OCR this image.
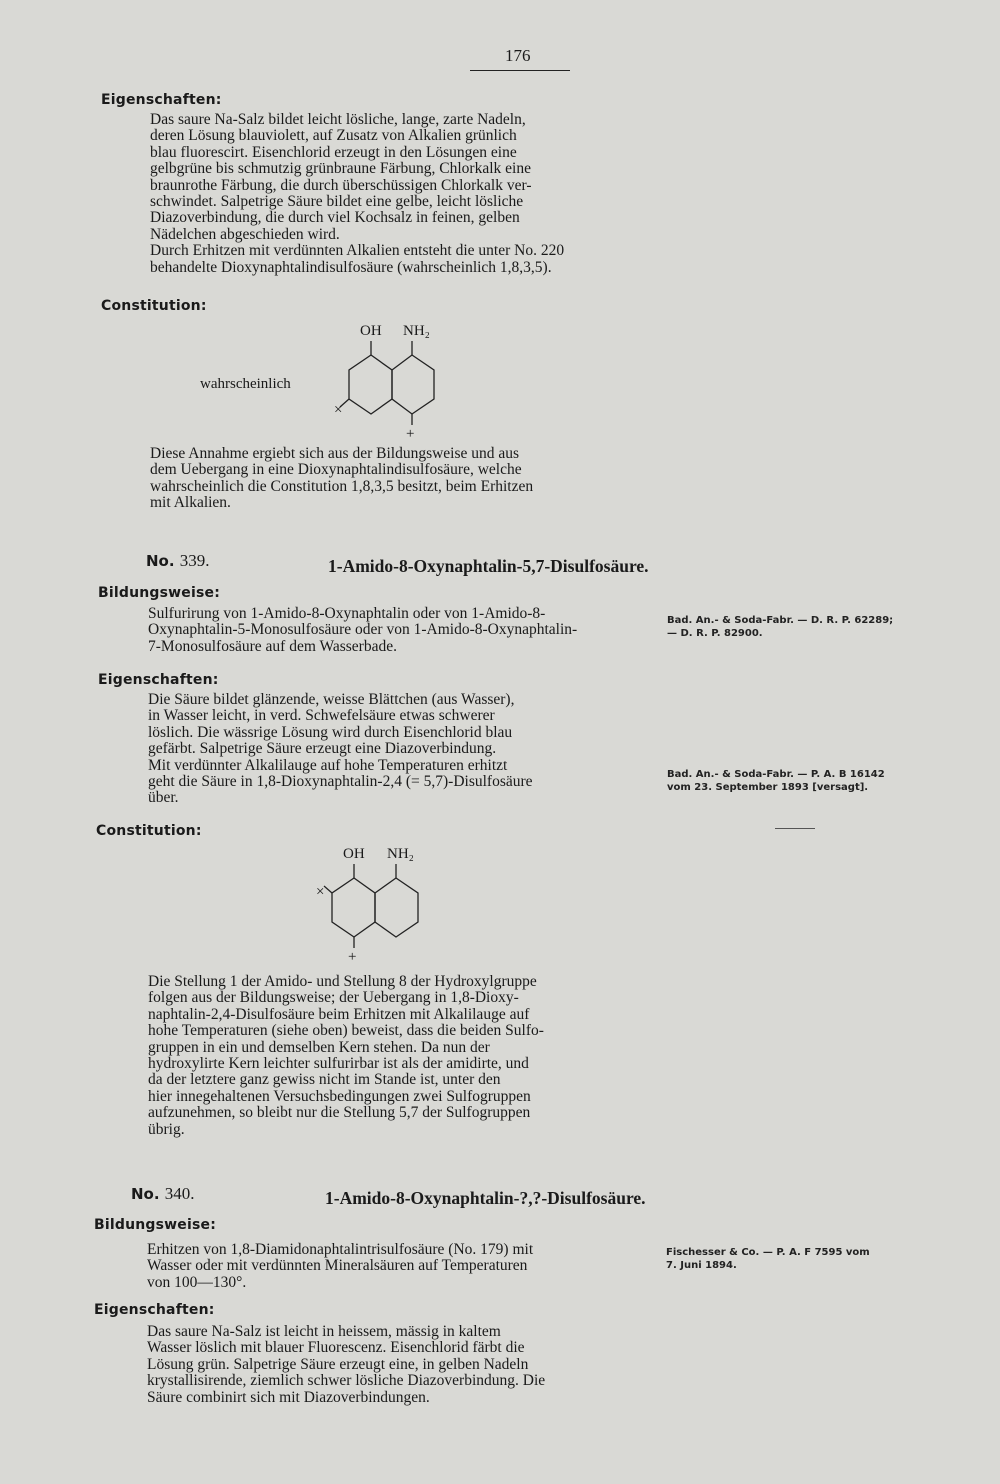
176
Eigenschaften:
Das saure Na-Salz bildet leicht lösliche, lange, zarte Nadeln,
deren Lösung blauviolett, auf Zusatz von Alkalien grünlich
blau fluorescirt. Eisenchlorid erzeugt in den Lösungen eine
gelbgrüne bis schmutzig grünbraune Färbung, Chlorkalk eine
braunrothe Färbung, die durch überschüssigen Chlorkalk ver-
schwindet. Salpetrige Säure bildet eine gelbe, leicht lösliche
Diazoverbindung, die durch viel Kochsalz in feinen, gelben
Nädelchen abgeschieden wird.
Durch Erhitzen mit verdünnten Alkalien entsteht die unter No. 220
behandelte Dioxynaphtalindisulfosäure (wahrscheinlich 1,8,3,5).
Constitution:
wahrscheinlich
OH NH₂
×
+
Diese Annahme ergiebt sich aus der Bildungsweise und aus
dem Uebergang in eine Dioxynaphtalindisulfosäure, welche
wahrscheinlich die Constitution 1,8,3,5 besitzt, beim Erhitzen
mit Alkalien.
No. 339.	1-Amido-8-Oxynaphtalin-5,7-Disulfosäure.
Bildungsweise:
Sulfurirung von 1-Amido-8-Oxynaphtalin oder von 1-Amido-8-
Oxynaphtalin-5-Monosulfosäure oder von 1-Amido-8-Oxynaphtalin-
7-Monosulfosäure auf dem Wasserbade.
Bad. An.- & Soda-Fabr. — D. R. P. 62289;
— D. R. P. 82900.
Eigenschaften:
Die Säure bildet glänzende, weisse Blättchen (aus Wasser),
in Wasser leicht, in verd. Schwefelsäure etwas schwerer
löslich. Die wässrige Lösung wird durch Eisenchlorid blau
gefärbt. Salpetrige Säure erzeugt eine Diazoverbindung.
Mit verdünnter Alkalilauge auf hohe Temperaturen erhitzt
geht die Säure in 1,8-Dioxynaphtalin-2,4 (= 5,7)-Disulfosäure
über.
Bad. An.- & Soda-Fabr. — P. A. B 16142
vom 23. September 1893 [versagt].
Constitution:
OH NH₂
×
+
Die Stellung 1 der Amido- und Stellung 8 der Hydroxylgruppe
folgen aus der Bildungsweise; der Uebergang in 1,8-Dioxy-
naphtalin-2,4-Disulfosäure beim Erhitzen mit Alkalilauge auf
hohe Temperaturen (siehe oben) beweist, dass die beiden Sulfo-
gruppen in ein und demselben Kern stehen. Da nun der
hydroxylirte Kern leichter sulfurirbar ist als der amidirte, und
da der letztere ganz gewiss nicht im Stande ist, unter den
hier innegehaltenen Versuchsbedingungen zwei Sulfogruppen
aufzunehmen, so bleibt nur die Stellung 5,7 der Sulfogruppen
übrig.
No. 340.	1-Amido-8-Oxynaphtalin-?,?-Disulfosäure.
Bildungsweise:
Erhitzen von 1,8-Diamidonaphtalintrisulfosäure (No. 179) mit
Wasser oder mit verdünnten Mineralsäuren auf Temperaturen
von 100—130°.
Fischesser & Co. — P. A. F 7595 vom
7. Juni 1894.
Eigenschaften:
Das saure Na-Salz ist leicht in heissem, mässig in kaltem
Wasser löslich mit blauer Fluorescenz. Eisenchlorid färbt die
Lösung grün. Salpetrige Säure erzeugt eine, in gelben Nadeln
krystallisirende, ziemlich schwer lösliche Diazoverbindung. Die
Säure combinirt sich mit Diazoverbindungen.
